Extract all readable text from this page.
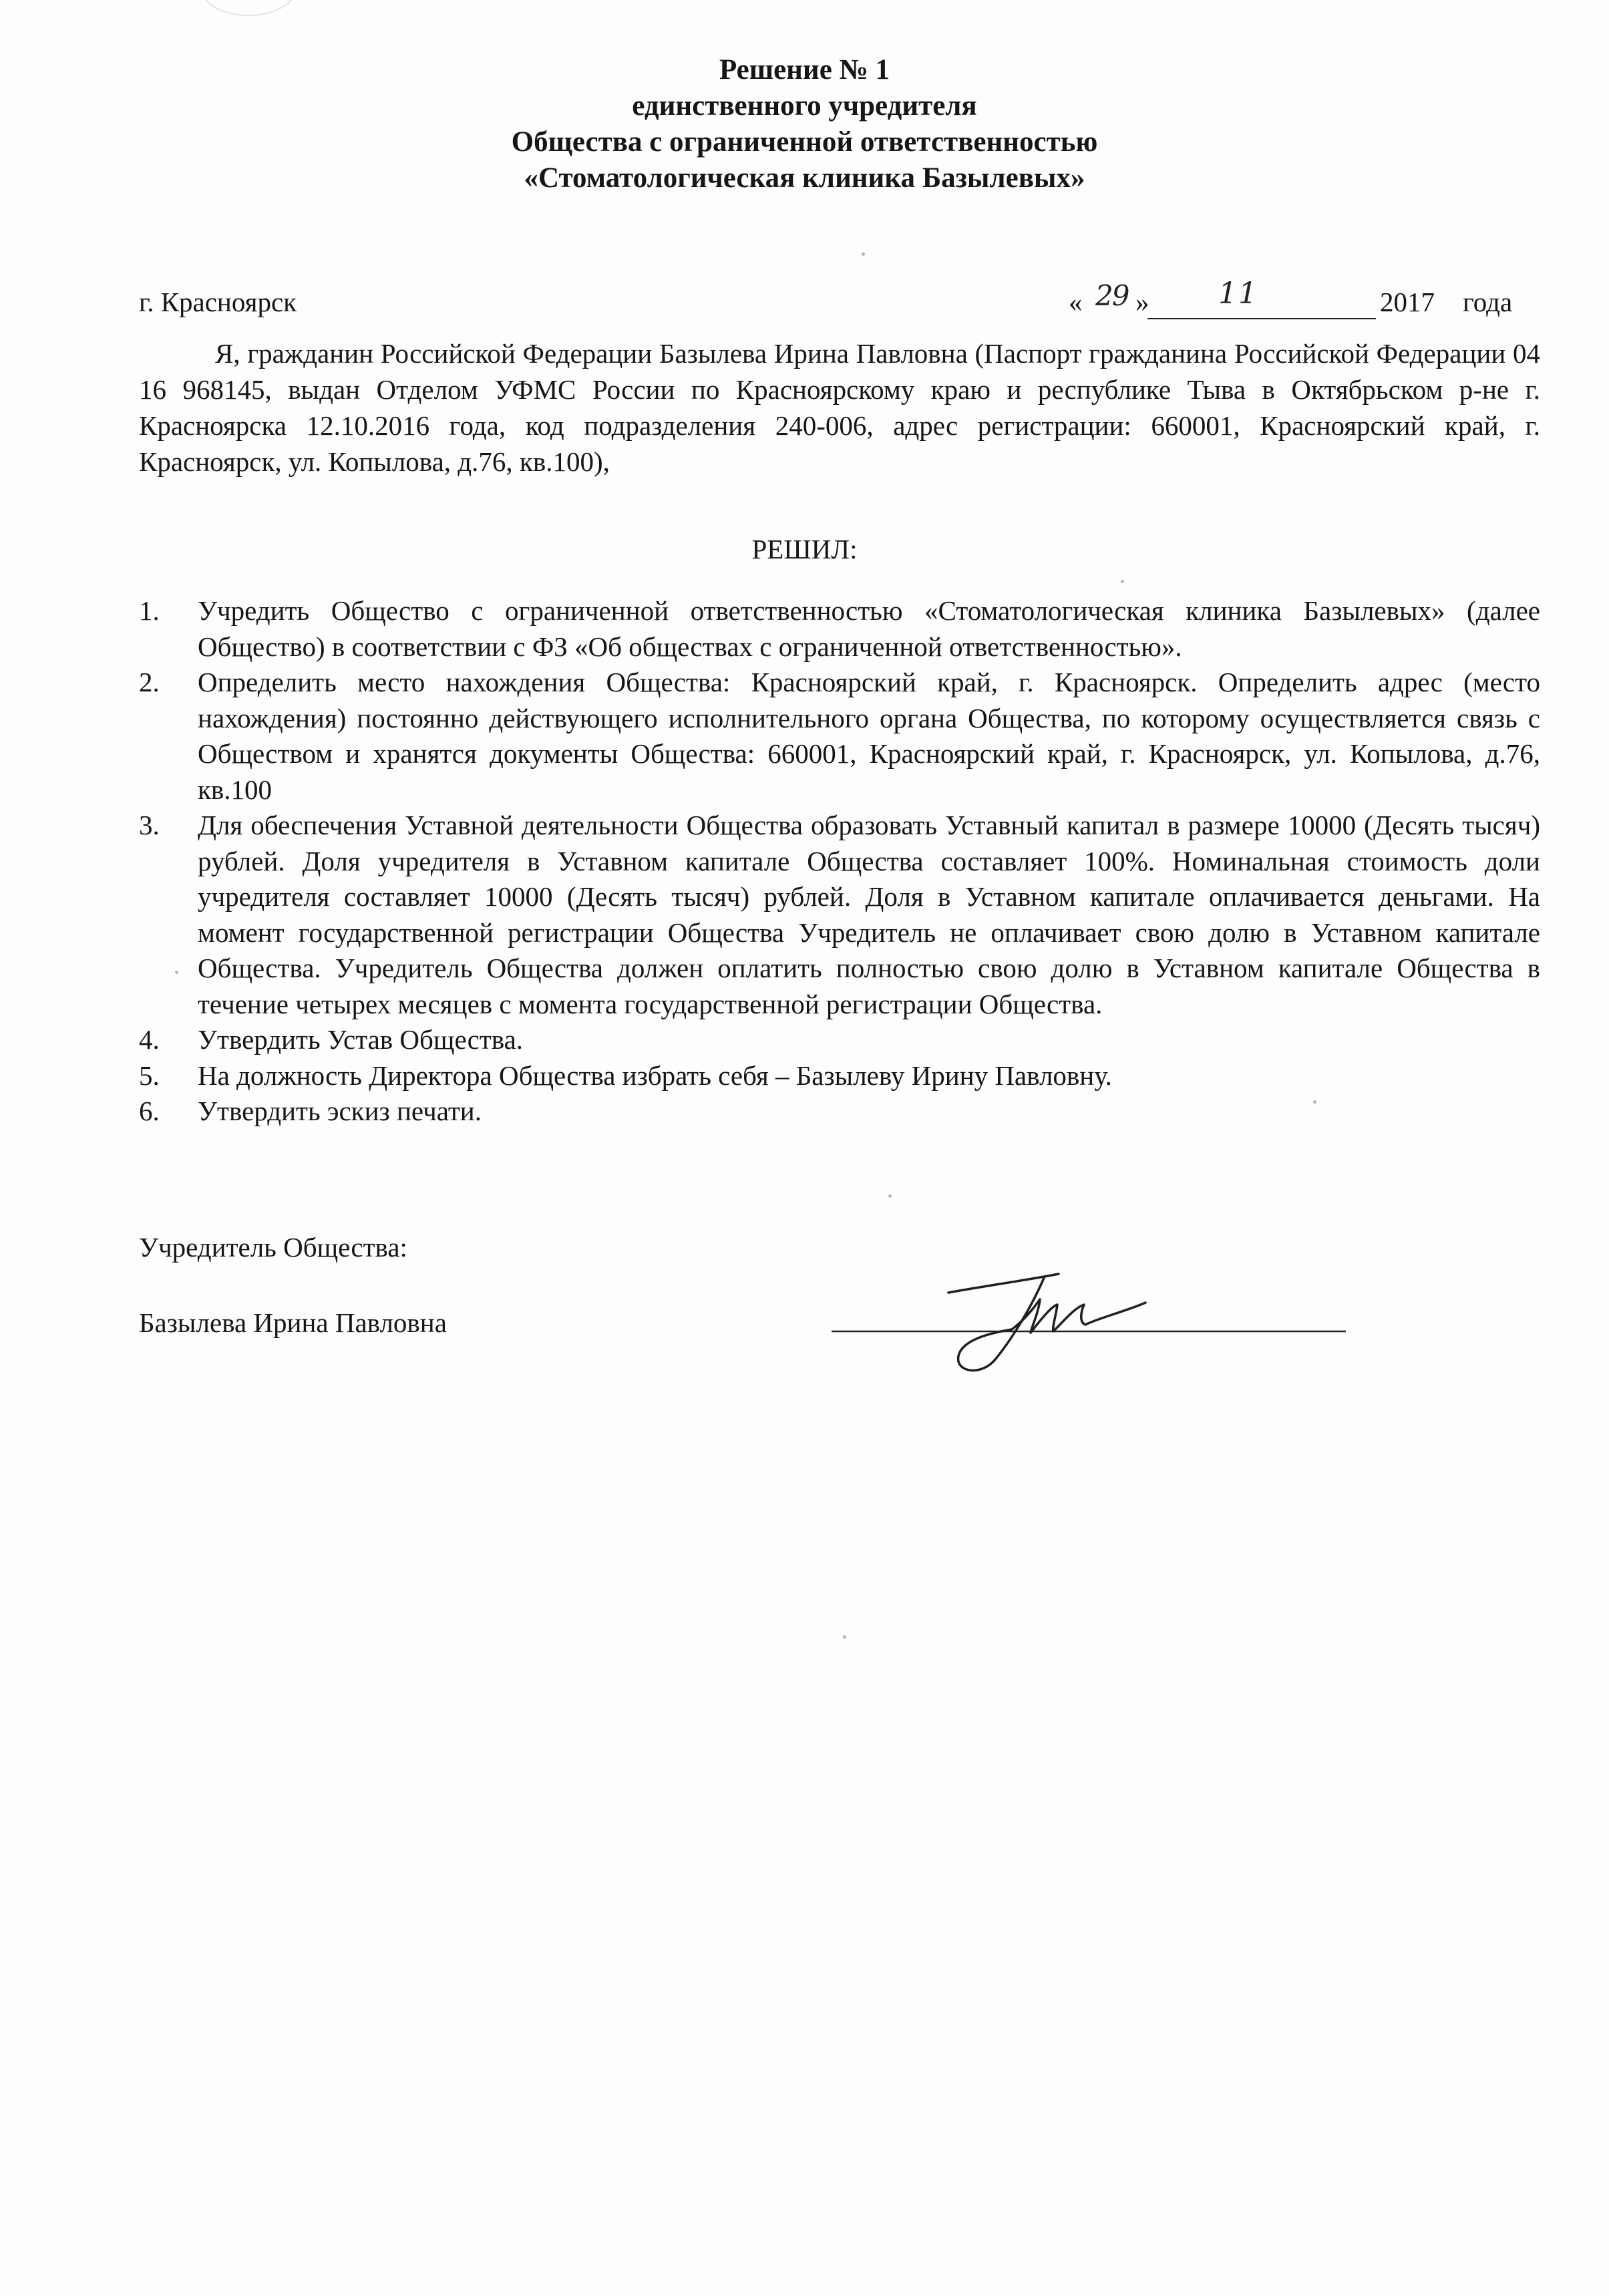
Решение № 1
единственного учредителя
Общества с ограниченной ответственностью
«Стоматологическая клиника Базылевых»
г. Красноярск	« 29 » 11	2017 года

Я, гражданин Российской Федерации Базылева Ирина Павловна (Паспорт гражданина Российской Федерации 04 16 968145, выдан Отделом УФМС России по Красноярскому краю и республике Тыва в Октябрьском р-не г. Красноярска 12.10.2016 года, код подразделения 240-006, адрес регистрации: 660001, Красноярский край, г. Красноярск, ул. Копылова, д.76, кв.100),

РЕШИЛ:
1. Учредить Общество с ограниченной ответственностью «Стоматологическая клиника Базылевых» (далее Общество) в соответствии с ФЗ «Об обществах с ограниченной ответственностью».
2. Определить место нахождения Общества: Красноярский край, г. Красноярск. Определить адрес (место нахождения) постоянно действующего исполнительного органа Общества, по которому осуществляется связь с Обществом и хранятся документы Общества: 660001, Красноярский край, г. Красноярск, ул. Копылова, д.76, кв.100
3. Для обеспечения Уставной деятельности Общества образовать Уставный капитал в размере 10000 (Десять тысяч) рублей. Доля учредителя в Уставном капитале Общества составляет 100%. Номинальная стоимость доли учредителя составляет 10000 (Десять тысяч) рублей. Доля в Уставном капитале оплачивается деньгами. На момент государственной регистрации Общества Учредитель не оплачивает свою долю в Уставном капитале Общества. Учредитель Общества должен оплатить полностью свою долю в Уставном капитале Общества в течение четырех месяцев с момента государственной регистрации Общества.
4. Утвердить Устав Общества.
5. На должность Директора Общества избрать себя – Базылеву Ирину Павловну.
6. Утвердить эскиз печати.
Учредитель Общества:
Базылева Ирина Павловна
